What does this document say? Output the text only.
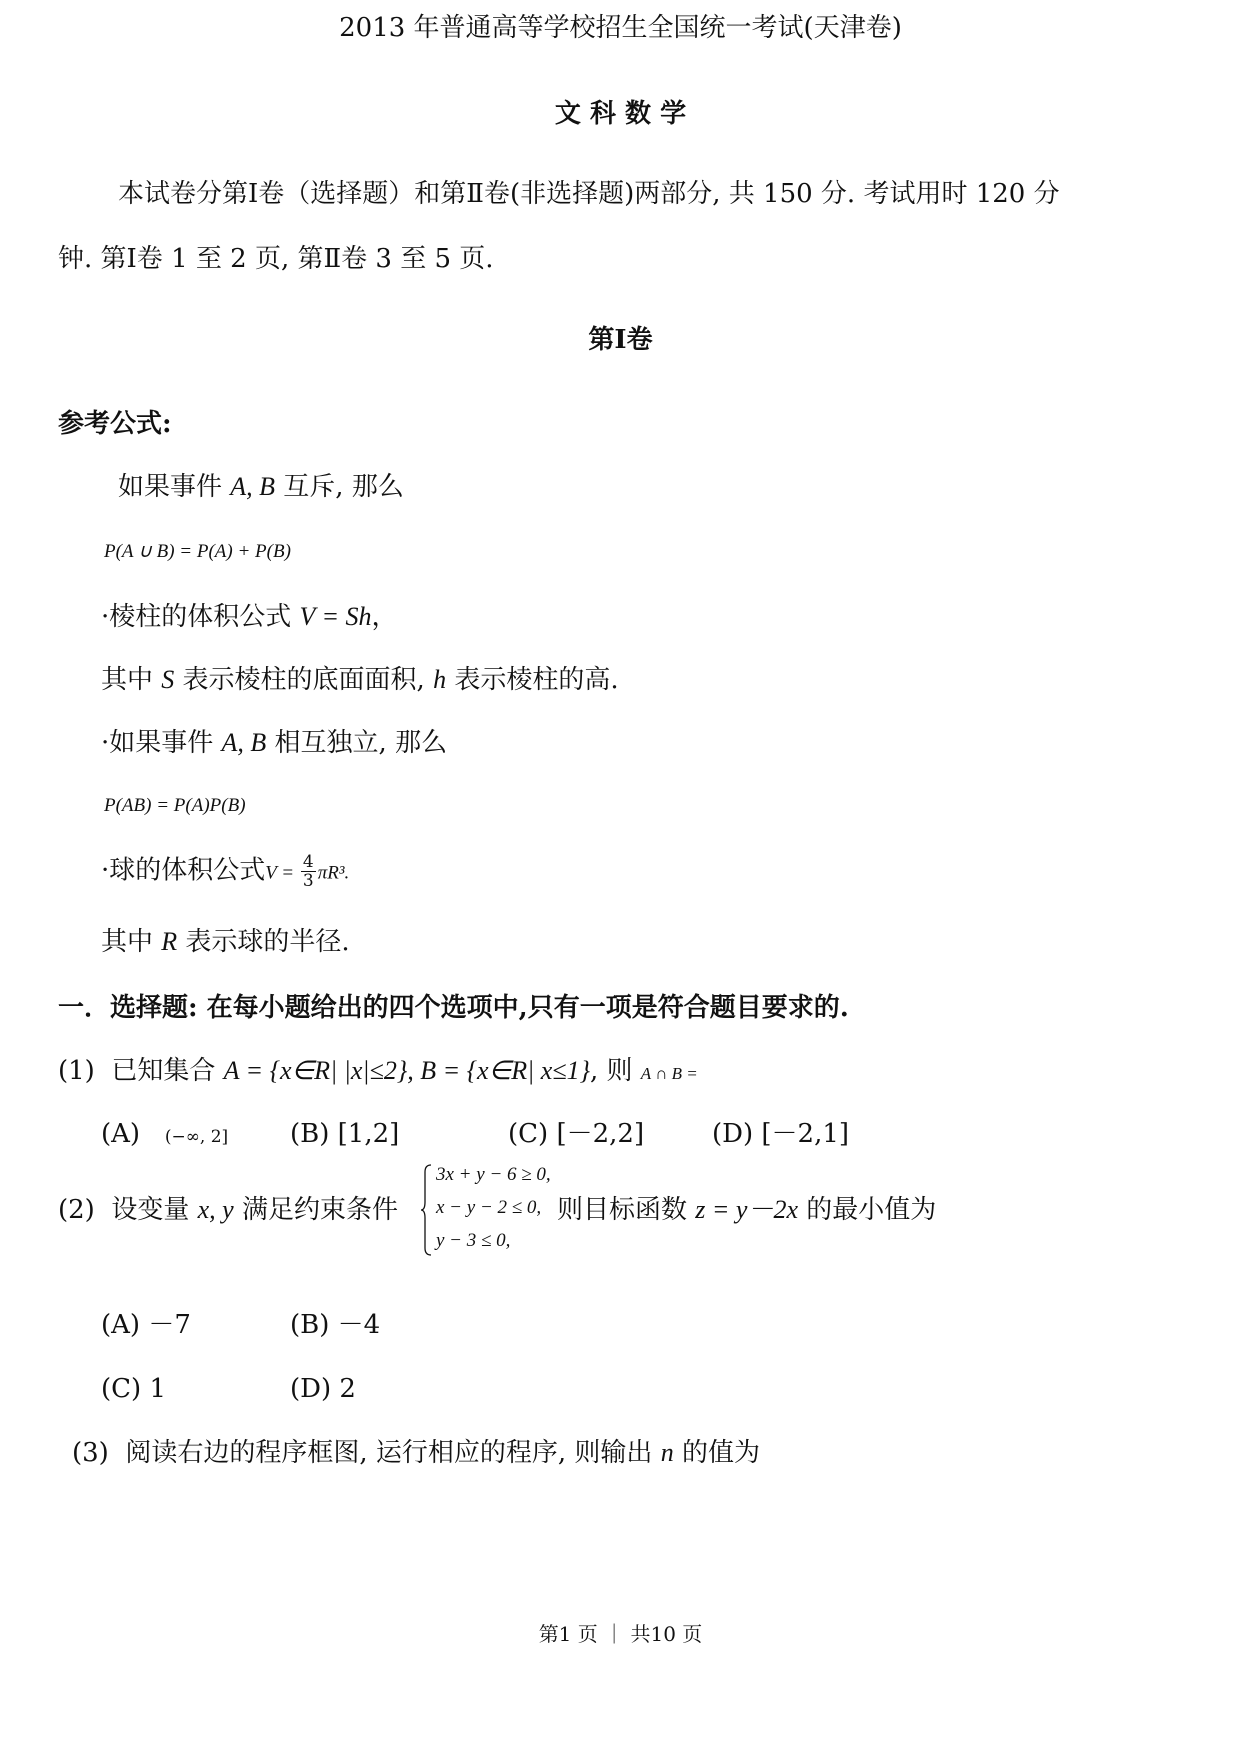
2013 年普通高等学校招生全国统一考试(天津卷)
文 科 数 学
本试卷分第Ⅰ卷（选择题）和第Ⅱ卷(非选择题)两部分, 共 150 分. 考试用时 120 分
钟. 第Ⅰ卷 1 至 2 页, 第Ⅱ卷 3 至 5 页.
第Ⅰ卷
参考公式:
如果事件 A, B 互斥, 那么
P(A ∪ B) = P(A) + P(B)
·棱柱的体积公式 V = Sh，
其中 S 表示棱柱的底面面积, h 表示棱柱的高.
·如果事件 A, B 相互独立, 那么
P(AB) = P(A)P(B)
·球的体积公式$V = \frac{4}{3} \pi R^3$.
其中 R 表示球的半径.
一．选择题: 在每小题给出的四个选项中,只有一项是符合题目要求的.
(1) 已知集合 A = {x∈R| |x|≤2}, B = {x∈R| x≤1}, 则 A ∩ B =
(A) (−∞, 2] (B) [1,2]	(C) [－2,2]	(D) [－2,1]
(2) 设变量 x, y 满足约束条件
3x + y − 6 ≥ 0,
x − y − 2 ≤ 0,
y − 3 ≤ 0,
则目标函数 z = y－2x 的最小值为
(A) －7	(B) －4
(C) 1	(D) 2
(3) 阅读右边的程序框图, 运行相应的程序, 则输出 n 的值为
第1 页 ｜ 共10 页
